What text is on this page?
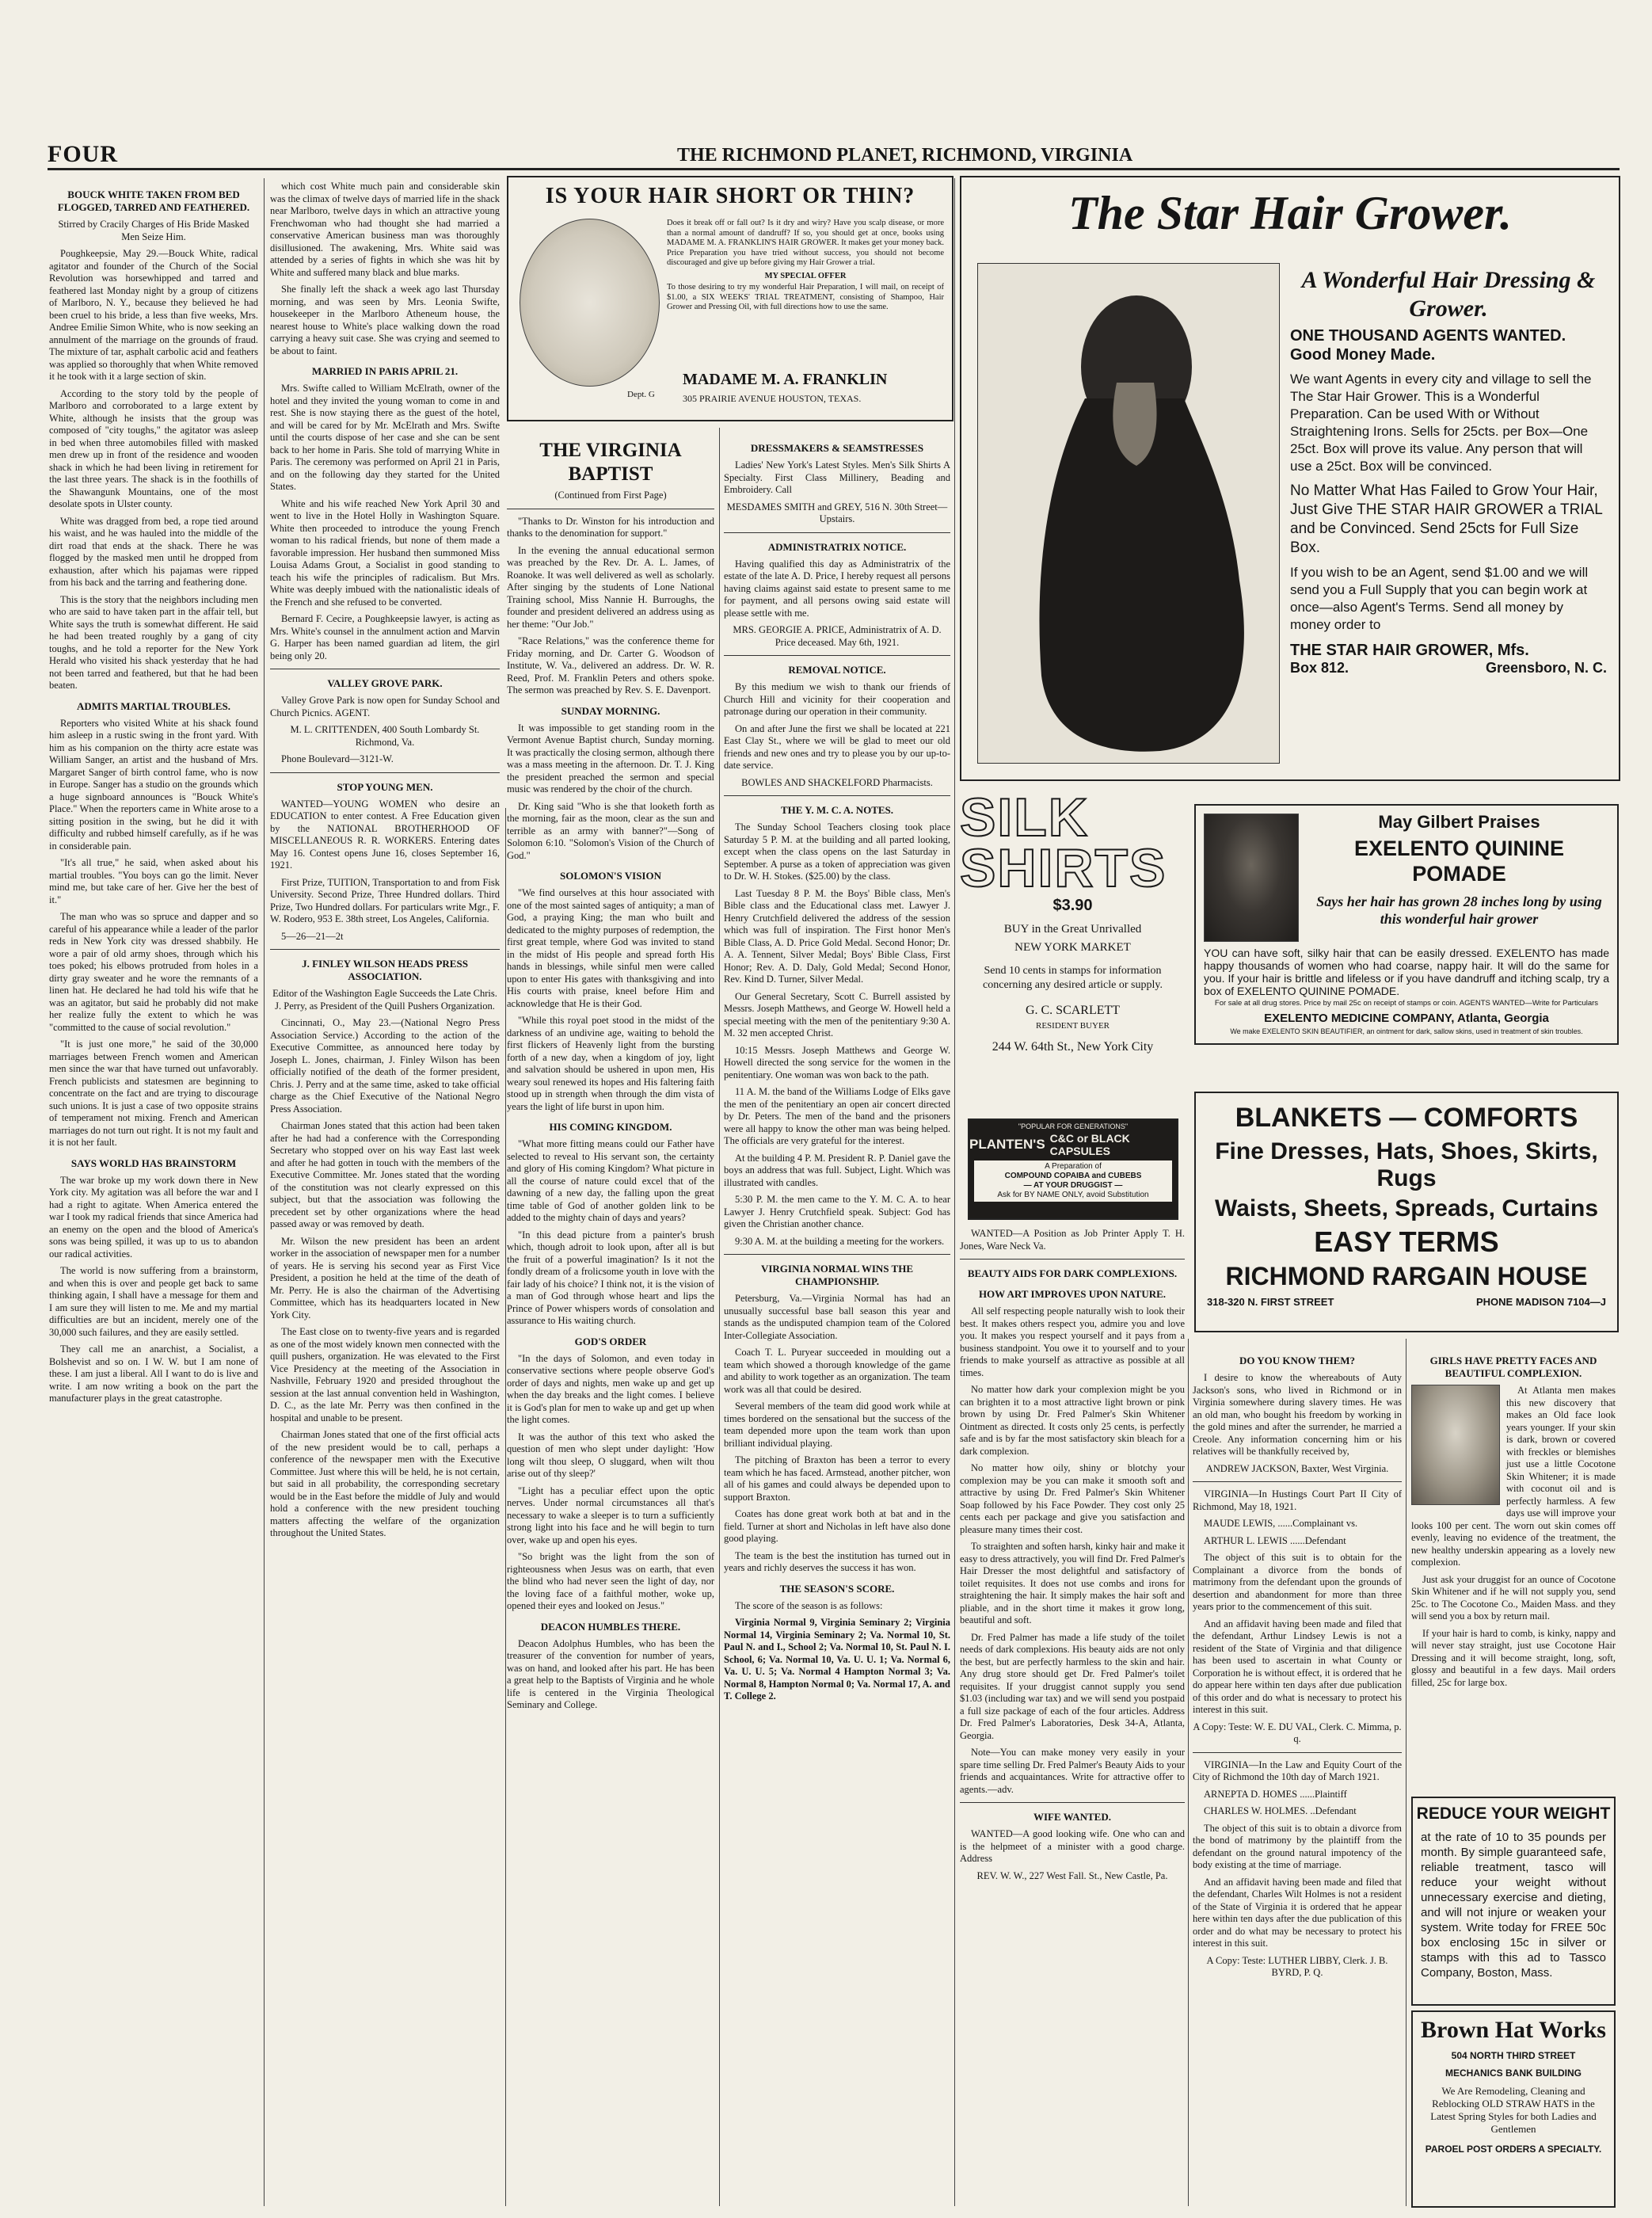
FOUR	THE RICHMOND PLANET, RICHMOND, VIRGINIA
BOUCK WHITE TAKEN FROM BED FLOGGED, TARRED AND FEATHERED.

Stirred by Cracily Charges of His Bride Masked Men Seize Him.

Poughkeepsie, May 29.—Bouck White, radical agitator and founder of the Church of the Social Revolution was horsewhipped and tarred and feathered last Monday night by a group of citizens of Marlboro, N. Y., because they believed he had been cruel to his bride, a less than five weeks, Mrs. Andree Emilie Simon White, who is now seeking an annulment of the marriage on the grounds of fraud. The mixture of tar, asphalt carbolic acid and feathers was applied so thoroughly that when White removed it he took with it a large section of skin.

According to the story told by the people of Marlboro and corroborated to a large extent by White, although he insists that the group was composed of "city toughs," the agitator was asleep in bed when three automobiles filled with masked men drew up in front of the residence and wooden shack in which he had been living in retirement for the last three years. The shack is in the foothills of the Shawangunk Mountains, one of the most desolate spots in Ulster county.

White was dragged from bed, a rope tied around his waist, and he was hauled into the middle of the dirt road that ends at the shack. There he was flogged by the masked men until he dropped from exhaustion, after which his pajamas were ripped from his back and the tarring and feathering done.

This is the story that the neighbors including men who are said to have taken part in the affair tell, but White says the truth is somewhat different. He said he had been treated roughly by a gang of city toughs, and he told a reporter for the New York Herald who visited his shack yesterday that he had not been tarred and feathered, but that he had been beaten.

ADMITS MARTIAL TROUBLES.

Reporters who visited White at his shack found him asleep in a rustic swing in the front yard. With him as his companion on the thirty acre estate was William Sanger, an artist and the husband of Mrs. Margaret Sanger of birth control fame, who is now in Europe. Sanger has a studio on the grounds which a huge signboard announces is "Bouck White's Place." When the reporters came in White arose to a sitting position in the swing, but he did it with difficulty and rubbed himself carefully, as if he was in considerable pain.

"It's all true," he said, when asked about his martial troubles. "You boys can go the limit. Never mind me, but take care of her. Give her the best of it."

The man who was so spruce and dapper and so careful of his appearance while a leader of the parlor reds in New York city was dressed shabbily. He wore a pair of old army shoes, through which his toes poked; his elbows protruded from holes in a dirty gray sweater and he wore the remnants of a linen hat. He declared he had told his wife that he was an agitator, but said he probably did not make her realize fully the extent to which he was "committed to the cause of social revolution."

"It is just one more," he said of the 30,000 marriages between French women and American men since the war that have turned out unfavorably. French publicists and statesmen are beginning to concentrate on the fact and are trying to discourage such unions. It is just a case of two opposite strains of temperament not mixing. French and American marriages do not turn out right. It is not my fault and it is not her fault.

SAYS WORLD HAS BRAINSTORM

The war broke up my work down there in New York city. My agitation was all before the war and I had a right to agitate. When America entered the war I took my radical friends that since America had an enemy on the open and the blood of America's sons was being spilled, it was up to us to abandon our radical activities.

The world is now suffering from a brainstorm, and when this is over and people get back to same thinking again, I shall have a message for them and I am sure they will listen to me. Me and my martial difficulties are but an incident, merely one of the 30,000 such failures, and they are easily settled.

They call me an anarchist, a Socialist, a Bolshevist and so on. I W. W. but I am none of these. I am just a liberal. All I want to do is live and write. I am now writing a book on the part the manufacturer plays in the great catastrophe.

which cost White much pain and considerable skin was the climax of twelve days of married life in the shack near Marlboro, twelve days in which an attractive young Frenchwoman who had thought she had married a conservative American business man was thoroughly disillusioned. The awakening, Mrs. White said was attended by a series of fights in which she was hit by White and suffered many black and blue marks.

She finally left the shack a week ago last Thursday morning, and was seen by Mrs. Leonia Swifte, housekeeper in the Marlboro Atheneum house, the nearest house to White's place walking down the road carrying a heavy suit case. She was crying and seemed to be about to faint.

MARRIED IN PARIS APRIL 21.

Mrs. Swifte called to William McElrath, owner of the hotel and they invited the young woman to come in and rest. She is now staying there as the guest of the hotel, and will be cared for by Mr. McElrath and Mrs. Swifte until the courts dispose of her case and she can be sent back to her home in Paris. She told of marrying White in Paris. The ceremony was performed on April 21 in Paris, and on the following day they started for the United States.

White and his wife reached New York April 30 and went to live in the Hotel Holly in Washington Square. White then proceeded to introduce the young French woman to his radical friends, but none of them made a favorable impression. Her husband then summoned Miss Louisa Adams Grout, a Socialist in good standing to teach his wife the principles of radicalism. But Mrs. White was deeply imbued with the nationalistic ideals of the French and she refused to be converted.

Bernard F. Cecire, a Poughkeepsie lawyer, is acting as Mrs. White's counsel in the annulment action and Marvin G. Harper has been named guardian ad litem, the girl being only 20.

VALLEY GROVE PARK.

Valley Grove Park is now open for Sunday School and Church Picnics. AGENT.

M. L. CRITTENDEN, 400 South Lombardy St. Richmond, Va.

Phone Boulevard—3121-W.

STOP YOUNG MEN.

WANTED—YOUNG WOMEN who desire an EDUCATION to enter contest. A Free Education given by the NATIONAL BROTHERHOOD OF MISCELLANEOUS R. R. WORKERS. Entering dates May 16. Contest opens June 16, closes September 16, 1921.

First Prize, TUITION, Transportation to and from Fisk University. Second Prize, Three Hundred dollars. Third Prize, Two Hundred dollars. For particulars write Mgr., F. W. Rodero, 953 E. 38th street, Los Angeles, California.

5—26—21—2t

J. FINLEY WILSON HEADS PRESS ASSOCIATION.

Editor of the Washington Eagle Succeeds the Late Chris. J. Perry, as President of the Quill Pushers Organization.

Cincinnati, O., May 23.—(National Negro Press Association Service.) According to the action of the Executive Committee, as announced here today by Joseph L. Jones, chairman, J. Finley Wilson has been officially notified of the death of the former president, Chris. J. Perry and at the same time, asked to take official charge as the Chief Executive of the National Negro Press Association.

Chairman Jones stated that this action had been taken after he had had a conference with the Corresponding Secretary who stopped over on his way East last week and after he had gotten in touch with the members of the Executive Committee. Mr. Jones stated that the wording of the constitution was not clearly expressed on this subject, but that the association was following the precedent set by other organizations where the head passed away or was removed by death.

Mr. Wilson the new president has been an ardent worker in the association of newspaper men for a number of years. He is serving his second year as First Vice President, a position he held at the time of the death of Mr. Perry. He is also the chairman of the Advertising Committee, which has its headquarters located in New York City.

The East close on to twenty-five years and is regarded as one of the most widely known men connected with the quill pushers, organization. He was elevated to the First Vice Presidency at the meeting of the Association in Nashville, February 1920 and presided throughout the session at the last annual convention held in Washington, D. C., as the late Mr. Perry was then confined in the hospital and unable to be present.

Chairman Jones stated that one of the first official acts of the new president would be to call, perhaps a conference of the newspaper men with the Executive Committee. Just where this will be held, he is not certain, but said in all probability, the corresponding secretary would be in the East before the middle of July and would hold a conference with the new president touching matters affecting the welfare of the organization throughout the United States.

IS YOUR HAIR SHORT OR THIN?
Dept. G
Does it break off or fall out? Is it dry and wiry? Have you scalp disease, or more than a normal amount of dandruff? If so, you should get at once, books using MADAME M. A. FRANKLIN'S HAIR GROWER. It makes get your money back. Price Preparation you have tried without success, you should not become discouraged and give up before giving my Hair Grower a trial.
MY SPECIAL OFFER
To those desiring to try my wonderful Hair Preparation, I will mail, on receipt of $1.00, a SIX WEEKS' TRIAL TREATMENT, consisting of Shampoo, Hair Grower and Pressing Oil, with full directions how to use the same.
MADAME M. A. FRANKLIN
305 PRAIRIE AVENUE HOUSTON, TEXAS.
THE VIRGINIA BAPTIST

(Continued from First Page)

"Thanks to Dr. Winston for his introduction and thanks to the denomination for support."

In the evening the annual educational sermon was preached by the Rev. Dr. A. L. James, of Roanoke. It was well delivered as well as scholarly. After singing by the students of Lone National Training school, Miss Nannie H. Burroughs, the founder and president delivered an address using as her theme: "Our Job."

"Race Relations," was the conference theme for Friday morning, and Dr. Carter G. Woodson of Institute, W. Va., delivered an address. Dr. W. R. Reed, Prof. M. Franklin Peters and others spoke. The sermon was preached by Rev. S. E. Davenport.

SUNDAY MORNING.

It was impossible to get standing room in the Vermont Avenue Baptist church, Sunday morning. It was practically the closing sermon, although there was a mass meeting in the afternoon. Dr. T. J. King the president preached the sermon and special music was rendered by the choir of the church.

Dr. King said "Who is she that looketh forth as the morning, fair as the moon, clear as the sun and terrible as an army with banner?"—Song of Solomon 6:10. "Solomon's Vision of the Church of God."

SOLOMON'S VISION

"We find ourselves at this hour associated with one of the most sainted sages of antiquity; a man of God, a praying King; the man who built and dedicated to the mighty purposes of redemption, the first great temple, where God was invited to stand in the midst of His people and spread forth His hands in blessings, while sinful men were called upon to enter His gates with thanksgiving and into His courts with praise, kneel before Him and acknowledge that He is their God.

"While this royal poet stood in the midst of the darkness of an undivine age, waiting to behold the first flickers of Heavenly light from the bursting forth of a new day, when a kingdom of joy, light and salvation should be ushered in upon men, His weary soul renewed its hopes and His faltering faith stood up in strength when through the dim vista of years the light of life burst in upon him.

HIS COMING KINGDOM.

"What more fitting means could our Father have selected to reveal to His servant son, the certainty and glory of His coming Kingdom? What picture in all the course of nature could excel that of the dawning of a new day, the falling upon the great time table of God of another golden link to be added to the mighty chain of days and years?

"In this dead picture from a painter's brush which, though adroit to look upon, after all is but the fruit of a powerful imagination? Is it not the fondly dream of a frolicsome youth in love with the fair lady of his choice? I think not, it is the vision of a man of God through whose heart and lips the Prince of Power whispers words of consolation and assurance to His waiting church.

GOD'S ORDER

"In the days of Solomon, and even today in conservative sections where people observe God's order of days and nights, men wake up and get up when the day breaks and the light comes. I believe it is God's plan for men to wake up and get up when the light comes.

It was the author of this text who asked the question of men who slept under daylight: 'How long wilt thou sleep, O sluggard, when wilt thou arise out of thy sleep?'

"Light has a peculiar effect upon the optic nerves. Under normal circumstances all that's necessary to wake a sleeper is to turn a sufficiently strong light into his face and he will begin to turn over, wake up and open his eyes.

"So bright was the light from the son of righteousness when Jesus was on earth, that even the blind who had never seen the light of day, nor the loving face of a faithful mother, woke up, opened their eyes and looked on Jesus."

DEACON HUMBLES THERE.

Deacon Adolphus Humbles, who has been the treasurer of the convention for number of years, was on hand, and looked after his part. He has been a great help to the Baptists of Virginia and he whole life is centered in the Virginia Theological Seminary and College.

DRESSMAKERS & SEAMSTRESSES

Ladies' New York's Latest Styles. Men's Silk Shirts A Specialty. First Class Millinery, Beading and Embroidery. Call

MESDAMES SMITH and GREY, 516 N. 30th Street—Upstairs.

ADMINISTRATRIX NOTICE.

Having qualified this day as Administratrix of the estate of the late A. D. Price, I hereby request all persons having claims against said estate to present same to me for payment, and all persons owing said estate will please settle with me.

MRS. GEORGIE A. PRICE, Administratrix of A. D. Price deceased. May 6th, 1921.

REMOVAL NOTICE.

By this medium we wish to thank our friends of Church Hill and vicinity for their cooperation and patronage during our operation in their community.

On and after June the first we shall be located at 221 East Clay St., where we will be glad to meet our old friends and new ones and try to please you by our up-to-date service.

BOWLES AND SHACKELFORD Pharmacists.

THE Y. M. C. A. NOTES.

The Sunday School Teachers closing took place Saturday 5 P. M. at the building and all parted looking, except when the class opens on the last Saturday in September. A purse as a token of appreciation was given to Dr. W. H. Stokes. ($25.00) by the class.

Last Tuesday 8 P. M. the Boys' Bible class, Men's Bible class and the Educational class met. Lawyer J. Henry Crutchfield delivered the address of the session which was full of inspiration. The First honor Men's Bible Class, A. D. Price Gold Medal. Second Honor; Dr. A. A. Tennent, Silver Medal; Boys' Bible Class, First Honor; Rev. A. D. Daly, Gold Medal; Second Honor, Rev. Kind D. Turner, Silver Medal.

Our General Secretary, Scott C. Burrell assisted by Messrs. Joseph Matthews, and George W. Howell held a special meeting with the men of the penitentiary 9:30 A. M. 32 men accepted Christ.

10:15 Messrs. Joseph Matthews and George W. Howell directed the song service for the women in the penitentiary. One woman was won back to the path.

11 A. M. the band of the Williams Lodge of Elks gave the men of the penitentiary an open air concert directed by Dr. Peters. The men of the band and the prisoners were all happy to know the other man was being helped. The officials are very grateful for the interest.

At the building 4 P. M. President R. P. Daniel gave the boys an address that was full. Subject, Light. Which was illustrated with candles.

5:30 P. M. the men came to the Y. M. C. A. to hear Lawyer J. Henry Crutchfield speak. Subject: God has given the Christian another chance.

9:30 A. M. at the building a meeting for the workers.

VIRGINIA NORMAL WINS THE CHAMPIONSHIP.

Petersburg, Va.—Virginia Normal has had an unusually successful base ball season this year and stands as the undisputed champion team of the Colored Inter-Collegiate Association.

Coach T. L. Puryear succeeded in moulding out a team which showed a thorough knowledge of the game and ability to work together as an organization. The team work was all that could be desired.

Several members of the team did good work while at times bordered on the sensational but the success of the team depended more upon the team work than upon brilliant individual playing.

The pitching of Braxton has been a terror to every team which he has faced. Armstead, another pitcher, won all of his games and could always be depended upon to support Braxton.

Coates has done great work both at bat and in the field. Turner at short and Nicholas in left have also done good playing.

The team is the best the institution has turned out in years and richly deserves the success it has won.

THE SEASON'S SCORE.

The score of the season is as follows:

Virginia Normal 9, Virginia Seminary 2; Virginia Normal 14, Virginia Seminary 2; Va. Normal 10, St. Paul N. and I., School 2; Va. Normal 10, St. Paul N. I. School, 6; Va. Normal 10, Va. U. U. 1; Va. Normal 6, Va. U. U. 5; Va. Normal 4 Hampton Normal 3; Va. Normal 8, Hampton Normal 0; Va. Normal 17, A. and T. College 2.

The Star Hair Grower.
A Wonderful Hair Dressing & Grower.
ONE THOUSAND AGENTS WANTED. Good Money Made.
We want Agents in every city and village to sell the The Star Hair Grower. This is a Wonderful Preparation. Can be used With or Without Straightening Irons. Sells for 25cts. per Box—One 25ct. Box will prove its value. Any person that will use a 25ct. Box will be convinced.
No Matter What Has Failed to Grow Your Hair, Just Give THE STAR HAIR GROWER a TRIAL and be Convinced. Send 25cts for Full Size Box.
If you wish to be an Agent, send $1.00 and we will send you a Full Supply that you can begin work at once—also Agent's Terms. Send all money by money order to
THE STAR HAIR GROWER, Mfs.
Box 812.	Greensboro, N. C.
SILK SHIRTS
$3.90
BUY in the Great Unrivalled
NEW YORK MARKET
Send 10 cents in stamps for information concerning any desired article or supply.
G. C. SCARLETT
RESIDENT BUYER
244 W. 64th St., New York City
"POPULAR FOR GENERATIONS"
PLANTEN'S C&C or BLACK CAPSULES
A Preparation of
COMPOUND COPAIBA and CUBEBS
— AT YOUR DRUGGIST —
Ask for BY NAME ONLY, avoid Substitution

WANTED—A Position as Job Printer Apply T. H. Jones, Ware Neck Va.

BEAUTY AIDS FOR DARK COMPLEXIONS.
HOW ART IMPROVES UPON NATURE.

All self respecting people naturally wish to look their best. It makes others respect you, admire you and love you. It makes you respect yourself and it pays from a business standpoint. You owe it to yourself and to your friends to make yourself as attractive as possible at all times.

No matter how dark your complexion might be you can brighten it to a most attractive light brown or pink brown by using Dr. Fred Palmer's Skin Whitener Ointment as directed. It costs only 25 cents, is perfectly safe and is by far the most satisfactory skin bleach for a dark complexion.

No matter how oily, shiny or blotchy your complexion may be you can make it smooth soft and attractive by using Dr. Fred Palmer's Skin Whitener Soap followed by his Face Powder. They cost only 25 cents each per package and give you satisfaction and pleasure many times their cost.

To straighten and soften harsh, kinky hair and make it easy to dress attractively, you will find Dr. Fred Palmer's Hair Dresser the most delightful and satisfactory of toilet requisites. It does not use combs and irons for straightening the hair. It simply makes the hair soft and pliable, and in the short time it makes it grow long, beautiful and soft.

Dr. Fred Palmer has made a life study of the toilet needs of dark complexions. His beauty aids are not only the best, but are perfectly harmless to the skin and hair. Any drug store should get Dr. Fred Palmer's toilet requisites. If your druggist cannot supply you send $1.03 (including war tax) and we will send you postpaid a full size package of each of the four articles. Address Dr. Fred Palmer's Laboratories, Desk 34-A, Atlanta, Georgia.

Note—You can make money very easily in your spare time selling Dr. Fred Palmer's Beauty Aids to your friends and acquaintances. Write for attractive offer to agents.—adv.

WIFE WANTED.

WANTED—A good looking wife. One who can and is the helpmeet of a minister with a good charge. Address

REV. W. W., 227 West Fall. St., New Castle, Pa.

May Gilbert Praises
EXELENTO QUININE POMADE
Says her hair has grown 28 inches long by using this wonderful hair grower
YOU can have soft, silky hair that can be easily dressed. EXELENTO has made happy thousands of women who had coarse, nappy hair. It will do the same for you. If your hair is brittle and lifeless or if you have dandruff and itching scalp, try a box of EXELENTO QUININE POMADE.
For sale at all drug stores. Price by mail 25c on receipt of stamps or coin. AGENTS WANTED—Write for Particulars
EXELENTO MEDICINE COMPANY, Atlanta, Georgia
We make EXELENTO SKIN BEAUTIFIER, an ointment for dark, sallow skins, used in treatment of skin troubles.
BLANKETS — COMFORTS
Fine Dresses, Hats, Shoes, Skirts, Rugs
Waists, Sheets, Spreads, Curtains
EASY TERMS
RICHMOND RARGAIN HOUSE
318-320 N. FIRST STREET	PHONE MADISON 7104—J
DO YOU KNOW THEM?

I desire to know the whereabouts of Auty Jackson's sons, who lived in Richmond or in Virginia somewhere during slavery times. He was an old man, who bought his freedom by working in the gold mines and after the surrender, he married a Creole. Any information concerning him or his relatives will be thankfully received by,

ANDREW JACKSON, Baxter, West Virginia.

VIRGINIA—In Hustings Court Part II City of Richmond, May 18, 1921.

MAUDE LEWIS, ......Complainant vs.

ARTHUR L. LEWIS ......Defendant

The object of this suit is to obtain for the Complainant a divorce from the bonds of matrimony from the defendant upon the grounds of desertion and abandonment for more than three years prior to the commencement of this suit.

And an affidavit having been made and filed that the defendant, Arthur Lindsey Lewis is not a resident of the State of Virginia and that diligence has been used to ascertain in what County or Corporation he is without effect, it is ordered that he do appear here within ten days after due publication of this order and do what is necessary to protect his interest in this suit.

A Copy: Teste: W. E. DU VAL, Clerk. C. Mimma, p. q.

VIRGINIA—In the Law and Equity Court of the City of Richmond the 10th day of March 1921.

ARNEPTA D. HOMES ......Plaintiff

CHARLES W. HOLMES. ..Defendant

The object of this suit is to obtain a divorce from the bond of matrimony by the plaintiff from the defendant on the ground natural impotency of the body existing at the time of marriage.

And an affidavit having been made and filed that the defendant, Charles Wilt Holmes is not a resident of the State of Virginia it is ordered that he appear here within ten days after the due publication of this order and do what may be necessary to protect his interest in this suit.

A Copy: Teste: LUTHER LIBBY, Clerk. J. B. BYRD, P. Q.

GIRLS HAVE PRETTY FACES AND BEAUTIFUL COMPLEXION.

At Atlanta men makes this new discovery that makes an Old face look years younger. If your skin is dark, brown or covered with freckles or blemishes just use a little Cocotone Skin Whitener; it is made with coconut oil and is perfectly harmless. A few days use will improve your looks 100 per cent. The worn out skin comes off evenly, leaving no evidence of the treatment, the new healthy underskin appearing as a lovely new complexion.

Just ask your druggist for an ounce of Cocotone Skin Whitener and if he will not supply you, send 25c. to The Cocotone Co., Maiden Mass. and they will send you a box by return mail.

If your hair is hard to comb, is kinky, nappy and will never stay straight, just use Cocotone Hair Dressing and it will become straight, long, soft, glossy and beautiful in a few days. Mail orders filled, 25c for large box.

REDUCE YOUR WEIGHT
at the rate of 10 to 35 pounds per month. By simple guaranteed safe, reliable treatment, tasco will reduce your weight without unnecessary exercise and dieting, and will not injure or weaken your system. Write today for FREE 50c box enclosing 15c in silver or stamps with this ad to Tassco Company, Boston, Mass.
Brown Hat Works
504 NORTH THIRD STREET
MECHANICS BANK BUILDING
We Are Remodeling, Cleaning and Reblocking OLD STRAW HATS in the Latest Spring Styles for both Ladies and Gentlemen
PAROEL POST ORDERS A SPECIALTY.
